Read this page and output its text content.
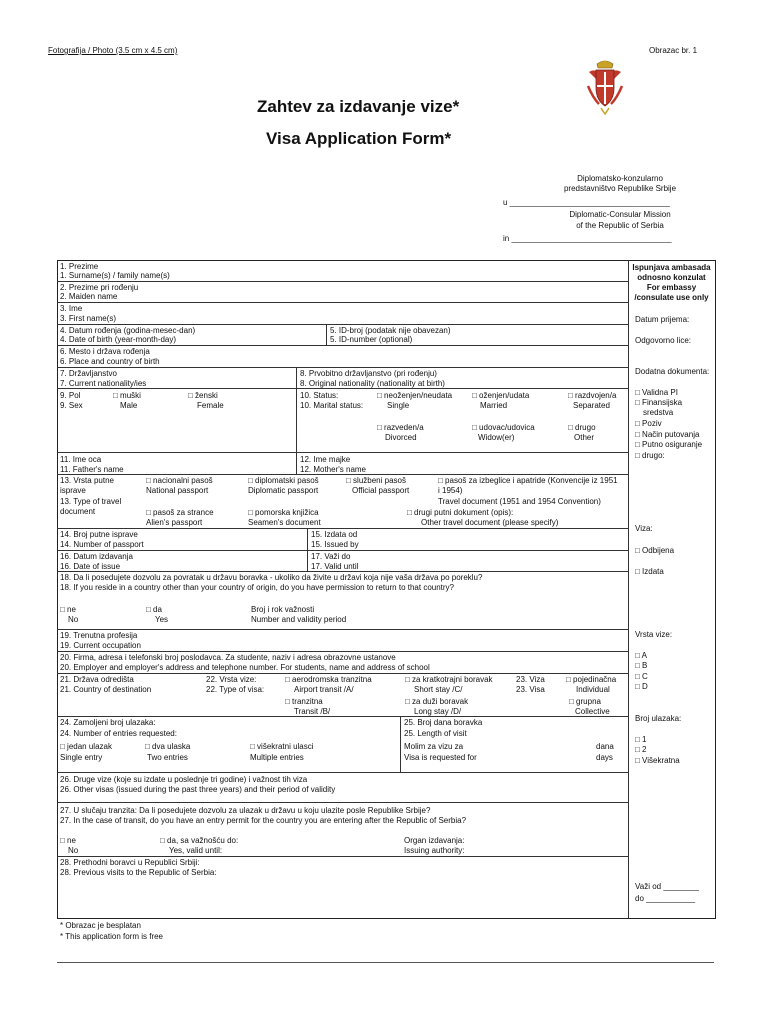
Fotografija / Photo (3.5 cm x 4.5 cm)	Obrazac br. 1
Zahtev za izdavanje vize*
Visa Application Form*
Diplomatsko-konzularno
predstavništvo Republike Srbije
u ____________________________________
Diplomatic-Consular Mission
of the Republic of Serbia
in ____________________________________
1. Prezime
1. Surname(s) / family name(s)
2. Prezime pri rođenju
2. Maiden name
3. Ime
3. First name(s)
4. Datum rođenja (godina-mesec-dan)
4. Date of birth (year-month-day)
5. ID-broj (podatak nije obavezan)
5. ID-number (optional)
6. Mesto i država rođenja
6. Place and country of birth
7. Državljanstvo
7. Current nationality/ies
8. Prvobitno državljanstvo (pri rođenju)
8. Original nationality (nationality at birth)
9. Pol
9. Sex
□ muški
Male
□ ženski
Female
10. Status:
10. Marital status:
□ neoženjen/neudata
Single
□ oženjen/udata
Married
□ razdvojen/a
Separated
□ razveden/a
Divorced
□ udovac/udovica
Widow(er)
□ drugo
Other
11. Ime oca
11. Father's name
12. Ime majke
12. Mother's name
13. Vrsta putne
isprave
13. Type of travel
document
□ nacionalni pasoš
National passport
□ diplomatski pasoš
Diplomatic passport
□ službeni pasoš
Official passport
□ pasoš za izbeglice i apatride (Konvencije iz 1951
i 1954)
Travel document (1951 and 1954 Convention)
□ pasoš za strance
Alien's passport
□ pomorska knjižica
Seamen's document
□ drugi putni dokument (opis):
Other travel document (please specify)
14. Broj putne isprave
14. Number of passport
15. Izdata od
15. Issued by
16. Datum izdavanja
16. Date of issue
17. Važi do
17. Valid until
18. Da li posedujete dozvolu za povratak u državu boravka - ukoliko da živite u državi koja nije vaša država po poreklu?
18. If you reside in a country other than your country of origin, do you have permission to return to that country?
□ ne
No
□ da
Yes
Broj i rok važnosti
Number and validity period
19. Trenutna profesija
19. Current occupation
20. Firma, adresa i telefonski broj poslodavca. Za studente, naziv i adresa obrazovne ustanove
20. Employer and employer's address and telephone number. For students, name and address of school
21. Država odredišta
21. Country of destination
22. Vrsta vize:
22. Type of visa:
□ aerodromska tranzitna
Airport transit /A/
□ tranzitna
Transit /B/
□ za kratkotrajni boravak
Short stay /C/
□ za duži boravak
Long stay /D/
23. Viza
23. Visa
□ pojedinačna
Individual
□ grupna
Collective
24. Zamoljeni broj ulazaka:
24. Number of entries requested:
□ jedan ulazak
Single entry
□ dva ulaska
Two entries
□ višekratni ulasci
Multiple entries
25. Broj dana boravka
25. Length of visit
Molim za vizu za
Visa is requested for
dana
days
26. Druge vize (koje su izdate u poslednje tri godine) i važnost tih viza
26. Other visas (issued during the past three years) and their period of validity
27. U slučaju tranzita: Da li posedujete dozvolu za ulazak u državu u koju ulazite posle Republike Srbije?
27. In the case of transit, do you have an entry permit for the country you are entering after the Republic of Serbia?
□ ne
No
□ da, sa važnošću do:
Yes, valid until:
Organ izdavanja:
Issuing authority:
28. Prethodni boravci u Republici Srbiji:
28. Previous visits to the Republic of Serbia:
Ispunjava ambasada
odnosno konzulat
For embassy
/consulate use only
Datum prijema:
Odgovorno lice:
Dodatna dokumenta:
□ Validna PI
□ Finansijska
sredstva
□ Poziv
□ Način putovanja
□ Putno osiguranje
□ drugo:
Viza:
□ Odbijena
□ Izdata
Vrsta vize:
□ A
□ B
□ C
□ D
Broj ulazaka:
□ 1
□ 2
□ Višekratna
Važi od ________
do ___________
* Obrazac je besplatan
* This application form is free
